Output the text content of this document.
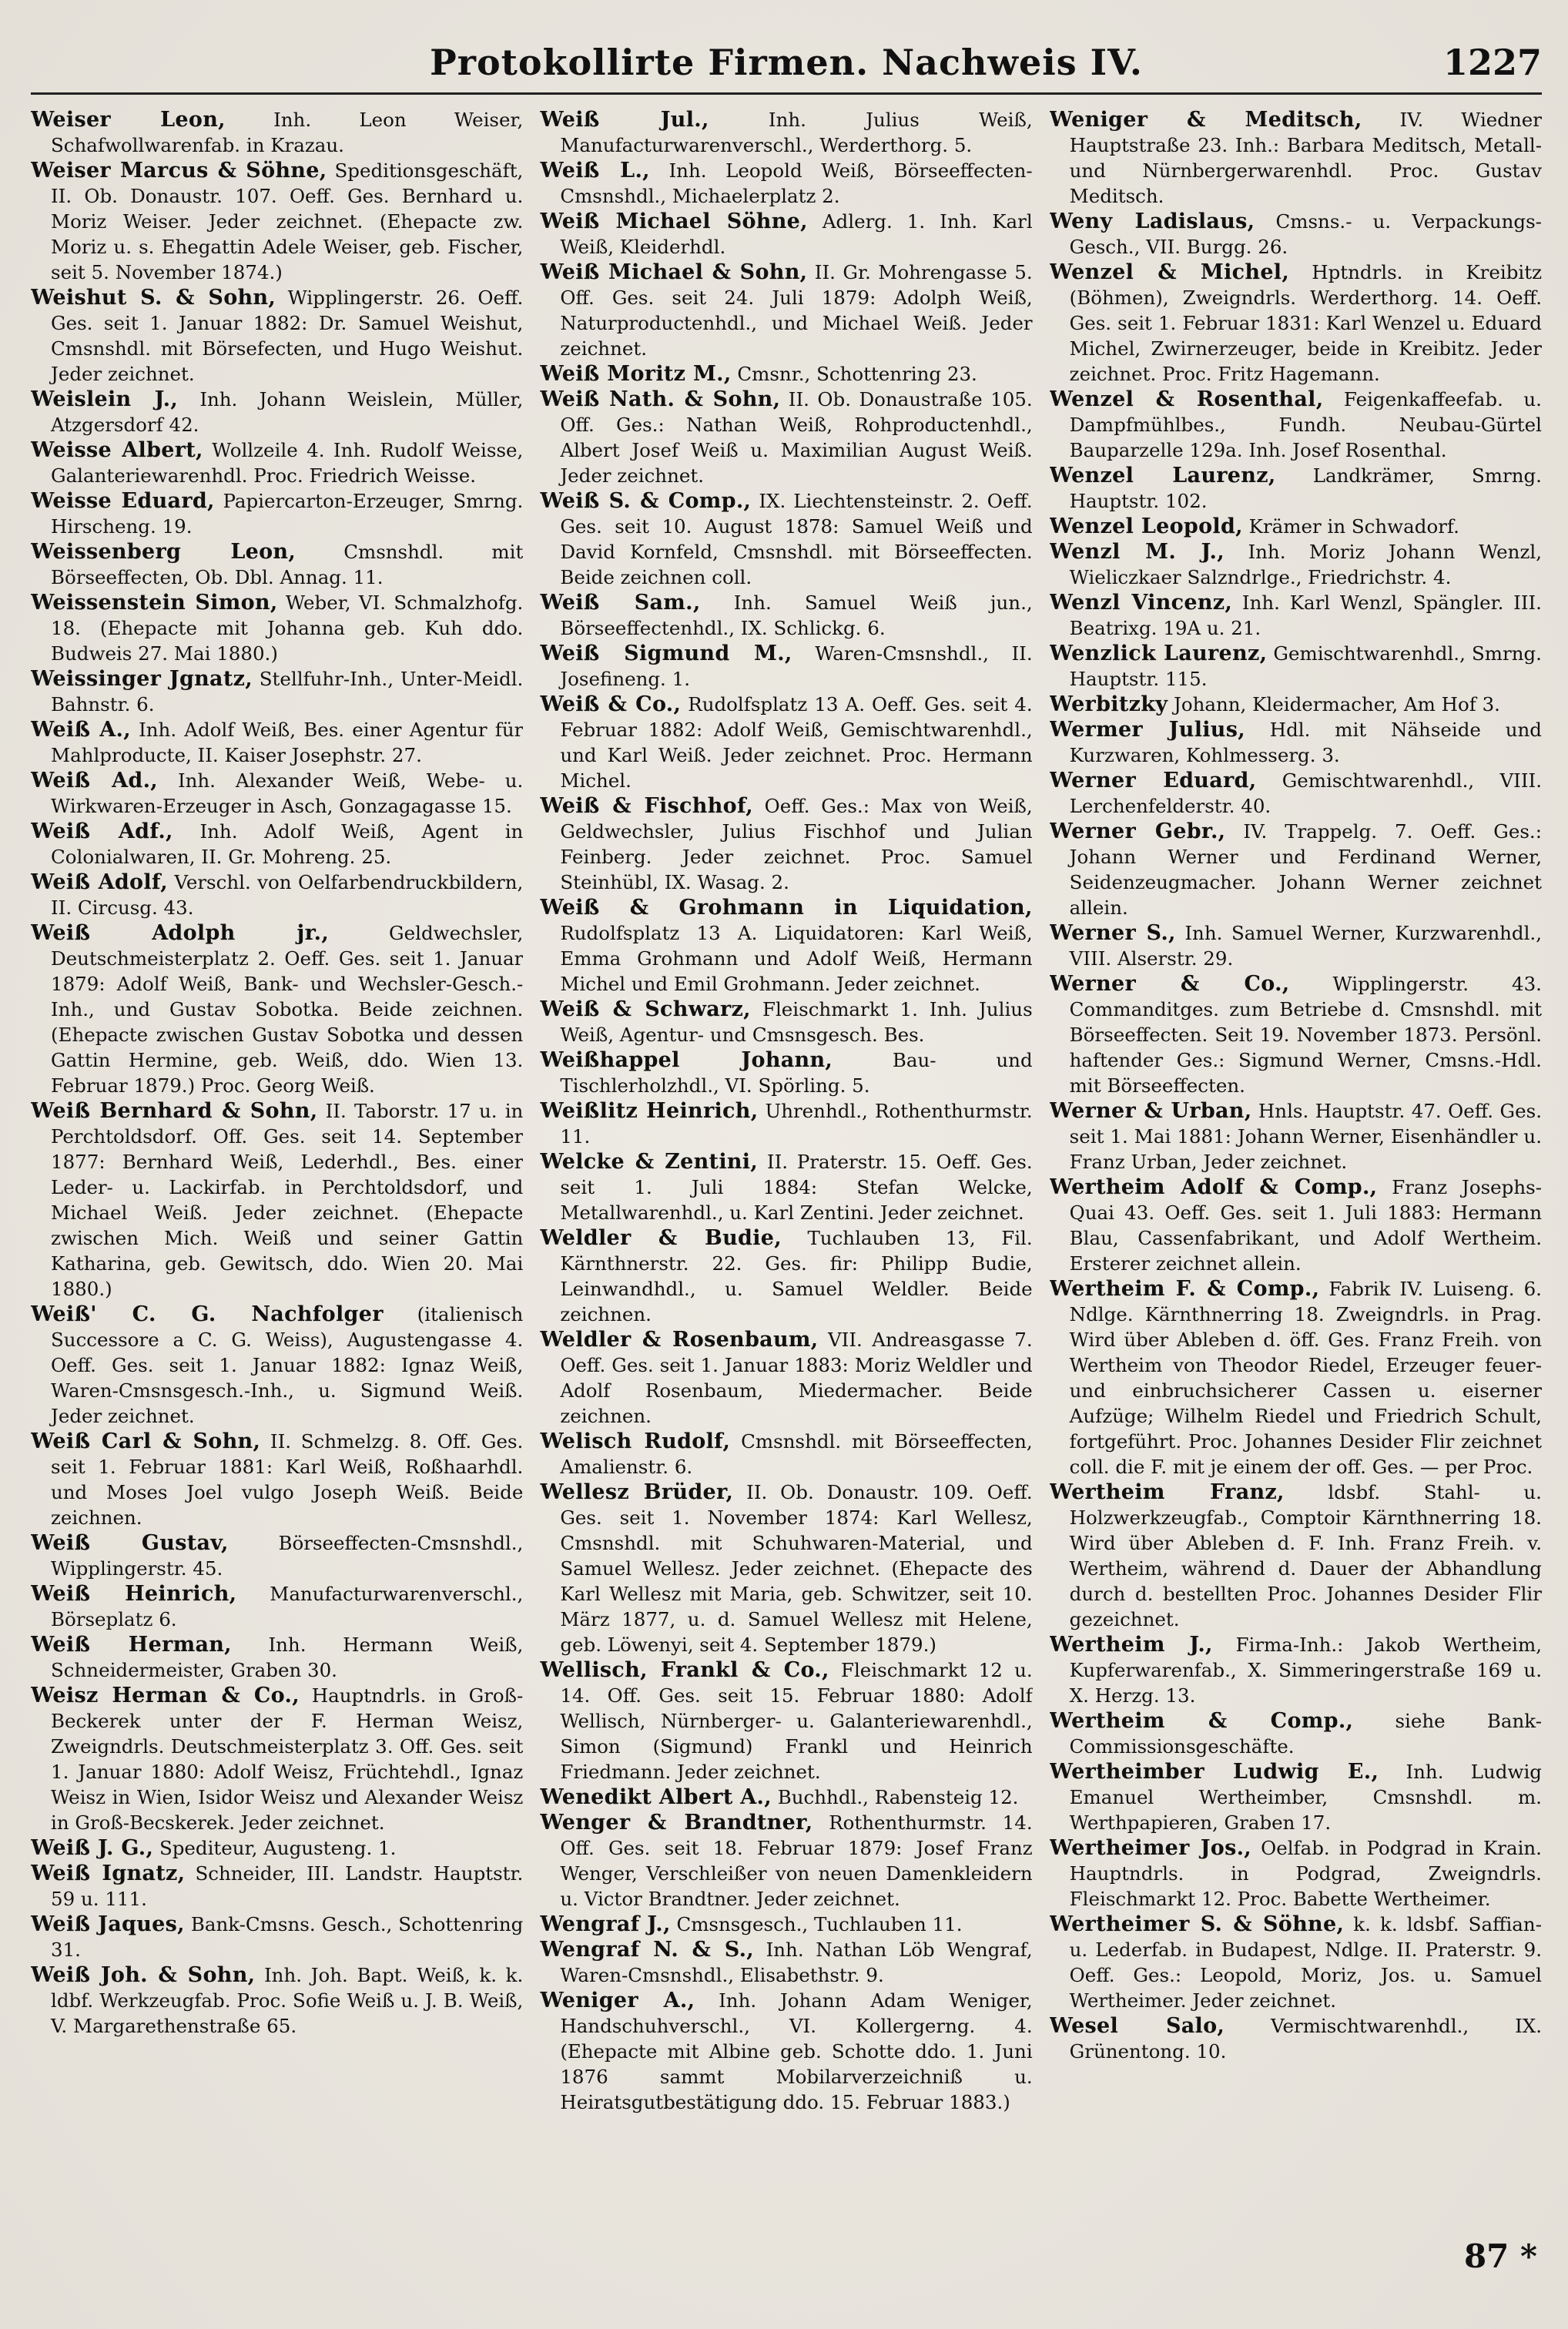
Protokollirte Firmen. Nachweis IV.	1227

Weiser Leon, Inh. Leon Weiser, Schafwollwarenfab. in Krazau.

Weiser Marcus & Söhne, Speditionsgeschäft, II. Ob. Donaustr. 107. Oeff. Ges. Bernhard u. Moriz Weiser. Jeder zeichnet. (Ehepacte zw. Moriz u. s. Ehegattin Adele Weiser, geb. Fischer, seit 5. November 1874.)

Weishut S. & Sohn, Wipplingerstr. 26. Oeff. Ges. seit 1. Januar 1882: Dr. Samuel Weishut, Cmsnshdl. mit Börsefecten, und Hugo Weishut. Jeder zeichnet.

Weislein J., Inh. Johann Weislein, Müller, Atzgersdorf 42.

Weisse Albert, Wollzeile 4. Inh. Rudolf Weisse, Galanteriewarenhdl. Proc. Friedrich Weisse.

Weisse Eduard, Papiercarton-Erzeuger, Smrng. Hirscheng. 19.

Weissenberg Leon, Cmsnshdl. mit Börseeffecten, Ob. Dbl. Annag. 11.

Weissenstein Simon, Weber, VI. Schmalzhofg. 18. (Ehepacte mit Johanna geb. Kuh ddo. Budweis 27. Mai 1880.)

Weissinger Jgnatz, Stellfuhr-Inh., Unter-Meidl. Bahnstr. 6.

Weiß A., Inh. Adolf Weiß, Bes. einer Agentur für Mahlproducte, II. Kaiser Josephstr. 27.

Weiß Ad., Inh. Alexander Weiß, Webe- u. Wirkwaren-Erzeuger in Asch, Gonzagagasse 15.

Weiß Adf., Inh. Adolf Weiß, Agent in Colonialwaren, II. Gr. Mohreng. 25.

Weiß Adolf, Verschl. von Oelfarbendruckbildern, II. Circusg. 43.

Weiß Adolph jr., Geldwechsler, Deutschmeisterplatz 2. Oeff. Ges. seit 1. Januar 1879: Adolf Weiß, Bank- und Wechsler-Gesch.-Inh., und Gustav Sobotka. Beide zeichnen. (Ehepacte zwischen Gustav Sobotka und dessen Gattin Hermine, geb. Weiß, ddo. Wien 13. Februar 1879.) Proc. Georg Weiß.

Weiß Bernhard & Sohn, II. Taborstr. 17 u. in Perchtoldsdorf. Off. Ges. seit 14. September 1877: Bernhard Weiß, Lederhdl., Bes. einer Leder- u. Lackirfab. in Perchtoldsdorf, und Michael Weiß. Jeder zeichnet. (Ehepacte zwischen Mich. Weiß und seiner Gattin Katharina, geb. Gewitsch, ddo. Wien 20. Mai 1880.)

Weiß' C. G. Nachfolger (italienisch Successore a C. G. Weiss), Augustengasse 4. Oeff. Ges. seit 1. Januar 1882: Ignaz Weiß, Waren-Cmsnsgesch.-Inh., u. Sigmund Weiß. Jeder zeichnet.

Weiß Carl & Sohn, II. Schmelzg. 8. Off. Ges. seit 1. Februar 1881: Karl Weiß, Roßhaarhdl. und Moses Joel vulgo Joseph Weiß. Beide zeichnen.

Weiß Gustav, Börseeffecten-Cmsnshdl., Wipplingerstr. 45.

Weiß Heinrich, Manufacturwarenverschl., Börseplatz 6.

Weiß Herman, Inh. Hermann Weiß, Schneidermeister, Graben 30.

Weisz Herman & Co., Hauptndrls. in Groß-Beckerek unter der F. Herman Weisz, Zweigndrls. Deutschmeisterplatz 3. Off. Ges. seit 1. Januar 1880: Adolf Weisz, Früchtehdl., Ignaz Weisz in Wien, Isidor Weisz und Alexander Weisz in Groß-Becskerek. Jeder zeichnet.

Weiß J. G., Spediteur, Augusteng. 1.

Weiß Ignatz, Schneider, III. Landstr. Hauptstr. 59 u. 111.

Weiß Jaques, Bank-Cmsns. Gesch., Schottenring 31.

Weiß Joh. & Sohn, Inh. Joh. Bapt. Weiß, k. k. ldbf. Werkzeugfab. Proc. Sofie Weiß u. J. B. Weiß, V. Margarethenstraße 65.

Weiß Jul., Inh. Julius Weiß, Manufacturwarenverschl., Werderthorg. 5.

Weiß L., Inh. Leopold Weiß, Börseeffecten-Cmsnshdl., Michaelerplatz 2.

Weiß Michael Söhne, Adlerg. 1. Inh. Karl Weiß, Kleiderhdl.

Weiß Michael & Sohn, II. Gr. Mohrengasse 5. Off. Ges. seit 24. Juli 1879: Adolph Weiß, Naturproductenhdl., und Michael Weiß. Jeder zeichnet.

Weiß Moritz M., Cmsnr., Schottenring 23.

Weiß Nath. & Sohn, II. Ob. Donaustraße 105. Off. Ges.: Nathan Weiß, Rohproductenhdl., Albert Josef Weiß u. Maximilian August Weiß. Jeder zeichnet.

Weiß S. & Comp., IX. Liechtensteinstr. 2. Oeff. Ges. seit 10. August 1878: Samuel Weiß und David Kornfeld, Cmsnshdl. mit Börseeffecten. Beide zeichnen coll.

Weiß Sam., Inh. Samuel Weiß jun., Börseeffectenhdl., IX. Schlickg. 6.

Weiß Sigmund M., Waren-Cmsnshdl., II. Josefineng. 1.

Weiß & Co., Rudolfsplatz 13 A. Oeff. Ges. seit 4. Februar 1882: Adolf Weiß, Gemischtwarenhdl., und Karl Weiß. Jeder zeichnet. Proc. Hermann Michel.

Weiß & Fischhof, Oeff. Ges.: Max von Weiß, Geldwechsler, Julius Fischhof und Julian Feinberg. Jeder zeichnet. Proc. Samuel Steinhübl, IX. Wasag. 2.

Weiß & Grohmann in Liquidation, Rudolfsplatz 13 A. Liquidatoren: Karl Weiß, Emma Grohmann und Adolf Weiß, Hermann Michel und Emil Grohmann. Jeder zeichnet.

Weiß & Schwarz, Fleischmarkt 1. Inh. Julius Weiß, Agentur- und Cmsnsgesch. Bes.

Weißhappel Johann, Bau- und Tischlerholzhdl., VI. Spörling. 5.

Weißlitz Heinrich, Uhrenhdl., Rothenthurmstr. 11.

Welcke & Zentini, II. Praterstr. 15. Oeff. Ges. seit 1. Juli 1884: Stefan Welcke, Metallwarenhdl., u. Karl Zentini. Jeder zeichnet.

Weldler & Budie, Tuchlauben 13, Fil. Kärnthnerstr. 22. Ges. fir: Philipp Budie, Leinwandhdl., u. Samuel Weldler. Beide zeichnen.

Weldler & Rosenbaum, VII. Andreasgasse 7. Oeff. Ges. seit 1. Januar 1883: Moriz Weldler und Adolf Rosenbaum, Miedermacher. Beide zeichnen.

Welisch Rudolf, Cmsnshdl. mit Börseeffecten, Amalienstr. 6.

Wellesz Brüder, II. Ob. Donaustr. 109. Oeff. Ges. seit 1. November 1874: Karl Wellesz, Cmsnshdl. mit Schuhwaren-Material, und Samuel Wellesz. Jeder zeichnet. (Ehepacte des Karl Wellesz mit Maria, geb. Schwitzer, seit 10. März 1877, u. d. Samuel Wellesz mit Helene, geb. Löwenyi, seit 4. September 1879.)

Wellisch, Frankl & Co., Fleischmarkt 12 u. 14. Off. Ges. seit 15. Februar 1880: Adolf Wellisch, Nürnberger- u. Galanteriewarenhdl., Simon (Sigmund) Frankl und Heinrich Friedmann. Jeder zeichnet.

Wenedikt Albert A., Buchhdl., Rabensteig 12.

Wenger & Brandtner, Rothenthurmstr. 14. Off. Ges. seit 18. Februar 1879: Josef Franz Wenger, Verschleißer von neuen Damenkleidern u. Victor Brandtner. Jeder zeichnet.

Wengraf J., Cmsnsgesch., Tuchlauben 11.

Wengraf N. & S., Inh. Nathan Löb Wengraf, Waren-Cmsnshdl., Elisabethstr. 9.

Weniger A., Inh. Johann Adam Weniger, Handschuhverschl., VI. Kollergerng. 4. (Ehepacte mit Albine geb. Schotte ddo. 1. Juni 1876 sammt Mobilarverzeichniß u. Heiratsgutbestätigung ddo. 15. Februar 1883.)

Weniger & Meditsch, IV. Wiedner Hauptstraße 23. Inh.: Barbara Meditsch, Metall- und Nürnbergerwarenhdl. Proc. Gustav Meditsch.

Weny Ladislaus, Cmsns.- u. Verpackungs-Gesch., VII. Burgg. 26.

Wenzel & Michel, Hptndrls. in Kreibitz (Böhmen), Zweigndrls. Werderthorg. 14. Oeff. Ges. seit 1. Februar 1831: Karl Wenzel u. Eduard Michel, Zwirnerzeuger, beide in Kreibitz. Jeder zeichnet. Proc. Fritz Hagemann.

Wenzel & Rosenthal, Feigenkaffeefab. u. Dampfmühlbes., Fundh. Neubau-Gürtel Bauparzelle 129a. Inh. Josef Rosenthal.

Wenzel Laurenz, Landkrämer, Smrng. Hauptstr. 102.

Wenzel Leopold, Krämer in Schwadorf.

Wenzl M. J., Inh. Moriz Johann Wenzl, Wieliczkaer Salzndrlge., Friedrichstr. 4.

Wenzl Vincenz, Inh. Karl Wenzl, Spängler. III. Beatrixg. 19A u. 21.

Wenzlick Laurenz, Gemischtwarenhdl., Smrng. Hauptstr. 115.

Werbitzky Johann, Kleidermacher, Am Hof 3.

Wermer Julius, Hdl. mit Nähseide und Kurzwaren, Kohlmesserg. 3.

Werner Eduard, Gemischtwarenhdl., VIII. Lerchenfelderstr. 40.

Werner Gebr., IV. Trappelg. 7. Oeff. Ges.: Johann Werner und Ferdinand Werner, Seidenzeugmacher. Johann Werner zeichnet allein.

Werner S., Inh. Samuel Werner, Kurzwarenhdl., VIII. Alserstr. 29.

Werner & Co., Wipplingerstr. 43. Commanditges. zum Betriebe d. Cmsnshdl. mit Börseeffecten. Seit 19. November 1873. Persönl. haftender Ges.: Sigmund Werner, Cmsns.-Hdl. mit Börseeffecten.

Werner & Urban, Hnls. Hauptstr. 47. Oeff. Ges. seit 1. Mai 1881: Johann Werner, Eisenhändler u. Franz Urban, Jeder zeichnet.

Wertheim Adolf & Comp., Franz Josephs-Quai 43. Oeff. Ges. seit 1. Juli 1883: Hermann Blau, Cassenfabrikant, und Adolf Wertheim. Ersterer zeichnet allein.

Wertheim F. & Comp., Fabrik IV. Luiseng. 6. Ndlge. Kärnthnerring 18. Zweigndrls. in Prag. Wird über Ableben d. öff. Ges. Franz Freih. von Wertheim von Theodor Riedel, Erzeuger feuer- und einbruchsicherer Cassen u. eiserner Aufzüge; Wilhelm Riedel und Friedrich Schult, fortgeführt. Proc. Johannes Desider Flir zeichnet coll. die F. mit je einem der off. Ges. — per Proc.

Wertheim Franz, ldsbf. Stahl- u. Holzwerkzeugfab., Comptoir Kärnthnerring 18. Wird über Ableben d. F. Inh. Franz Freih. v. Wertheim, während d. Dauer der Abhandlung durch d. bestellten Proc. Johannes Desider Flir gezeichnet.

Wertheim J., Firma-Inh.: Jakob Wertheim, Kupferwarenfab., X. Simmeringerstraße 169 u. X. Herzg. 13.

Wertheim & Comp., siehe Bank-Commissionsgeschäfte.

Wertheimber Ludwig E., Inh. Ludwig Emanuel Wertheimber, Cmsnshdl. m. Werthpapieren, Graben 17.

Wertheimer Jos., Oelfab. in Podgrad in Krain. Hauptndrls. in Podgrad, Zweigndrls. Fleischmarkt 12. Proc. Babette Wertheimer.

Wertheimer S. & Söhne, k. k. ldsbf. Saffian- u. Lederfab. in Budapest, Ndlge. II. Praterstr. 9. Oeff. Ges.: Leopold, Moriz, Jos. u. Samuel Wertheimer. Jeder zeichnet.

Wesel Salo, Vermischtwarenhdl., IX. Grünentong. 10.

87 *
